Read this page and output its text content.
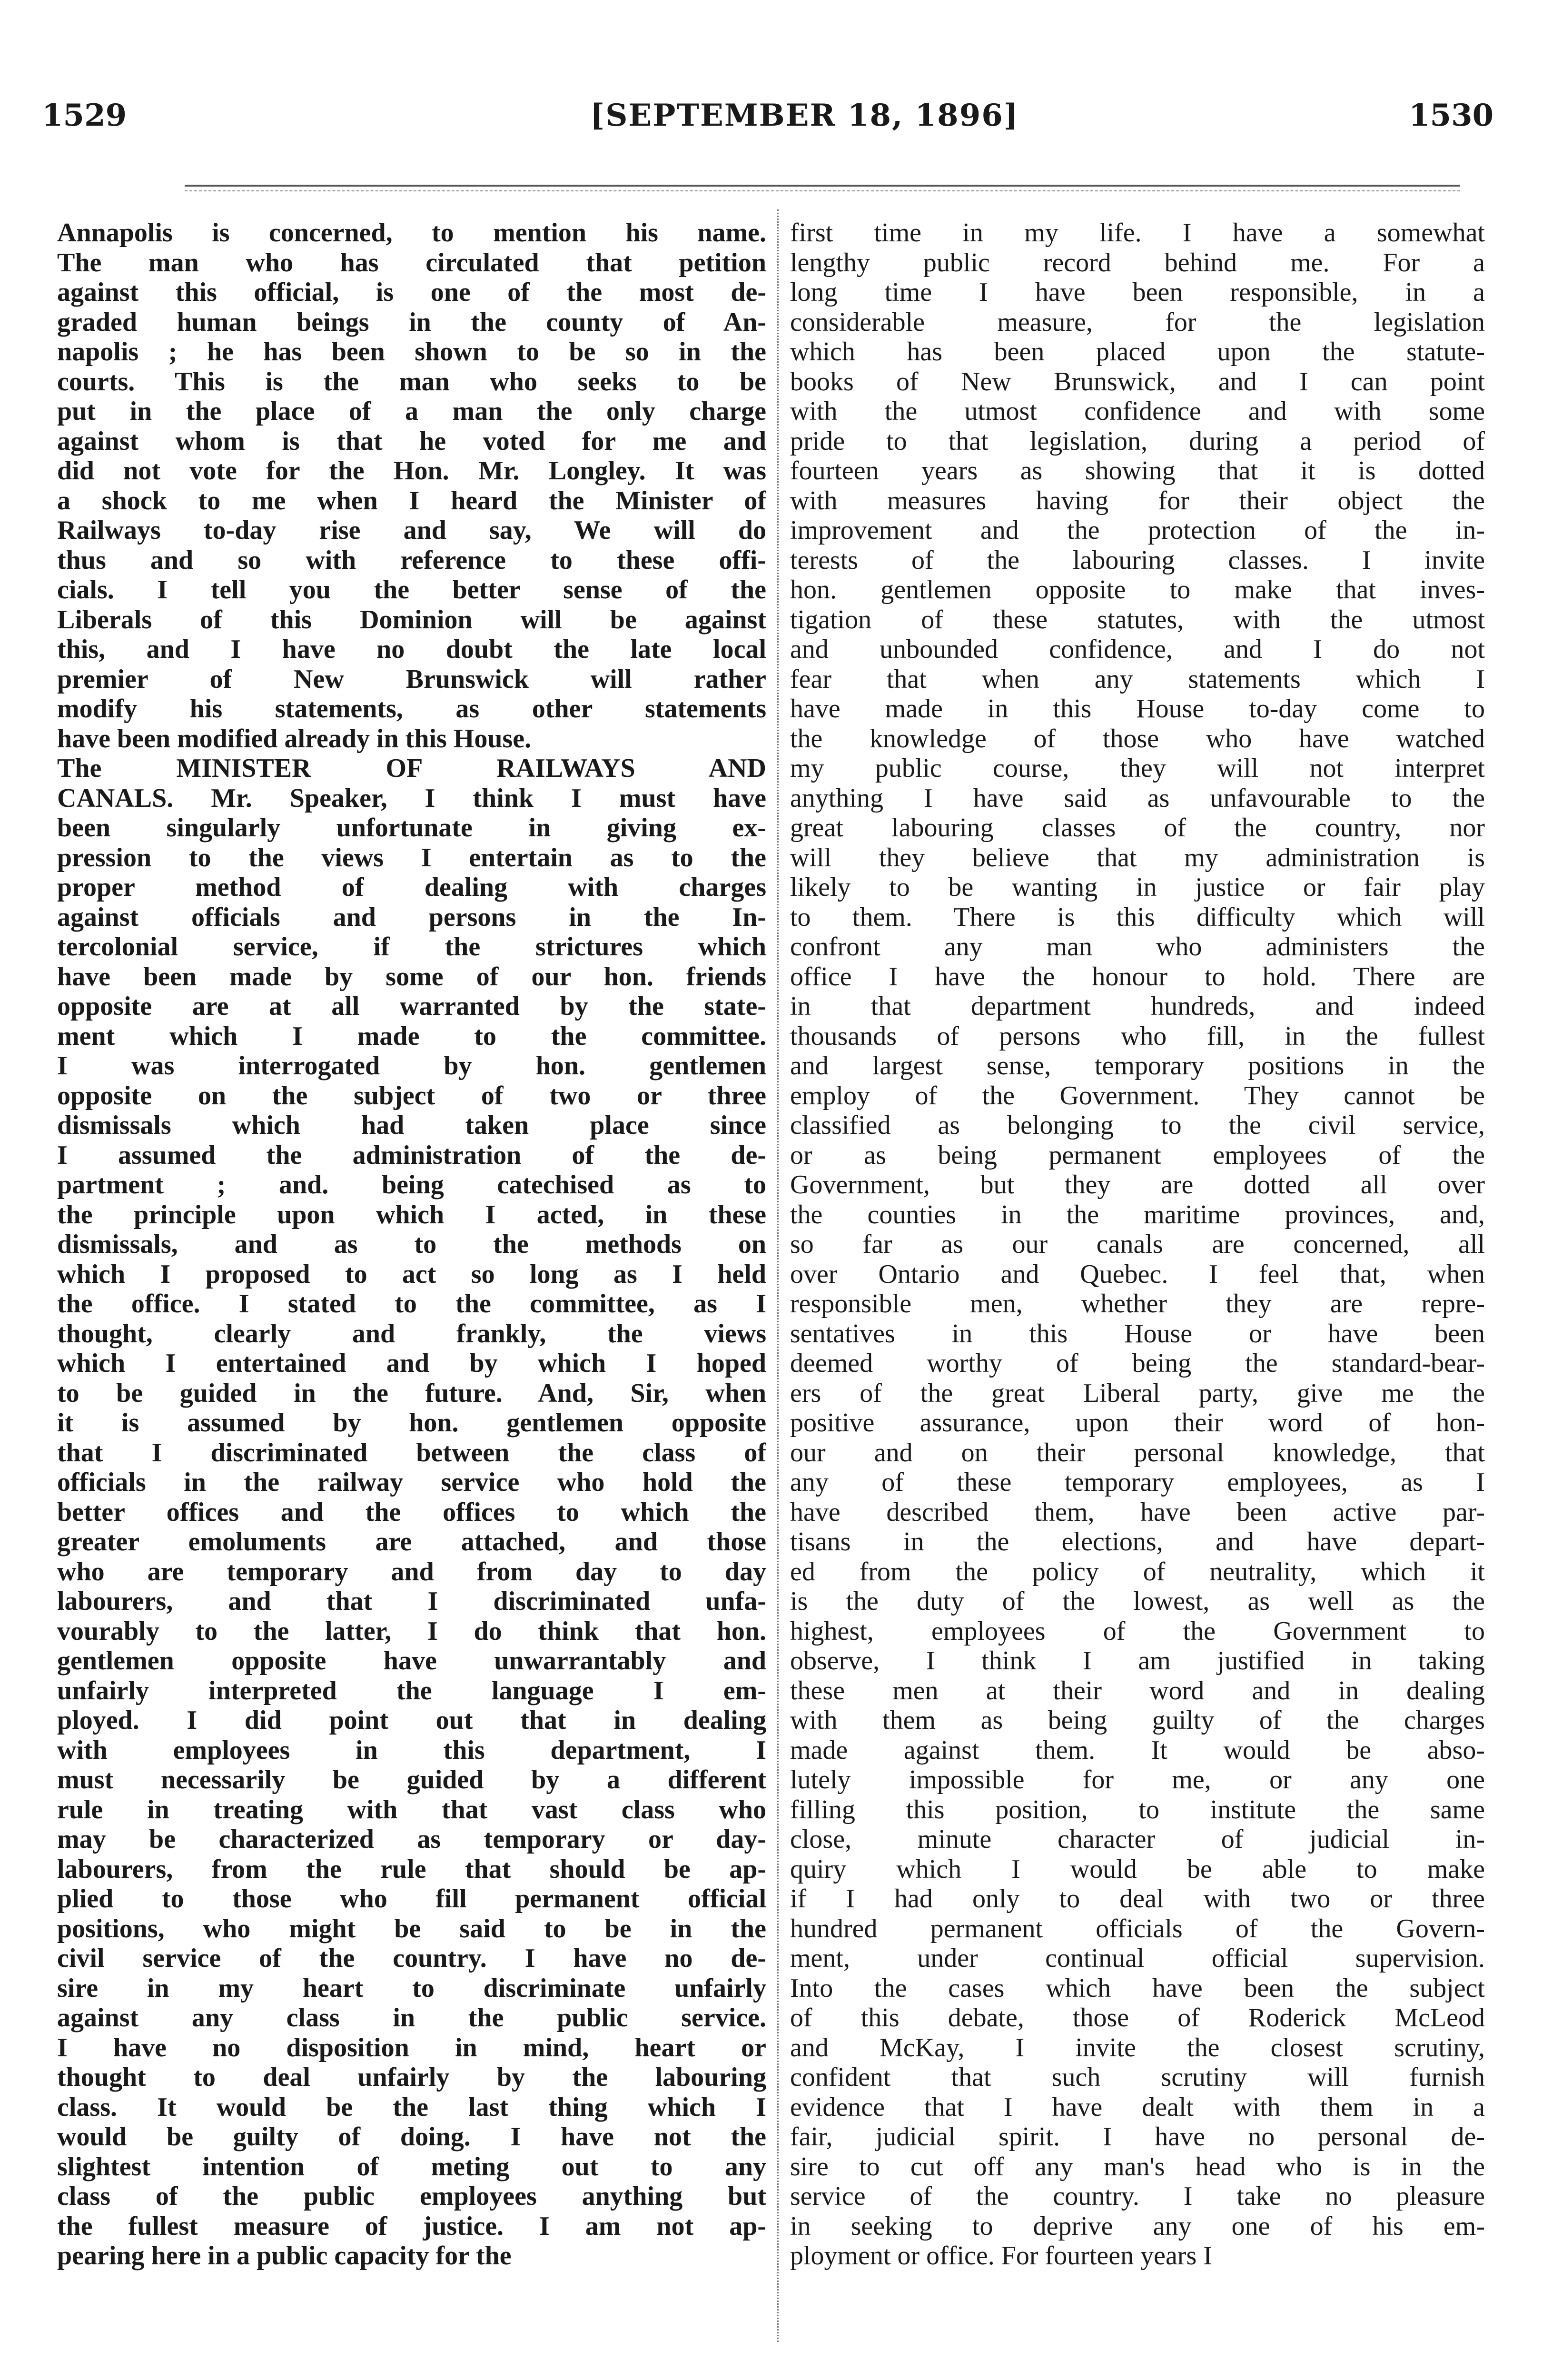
1529	[SEPTEMBER 18, 1896]	1530
Annapolis is concerned, to mention his name.
The man who has circulated that petition
against this official, is one of the most de-
graded human beings in the county of An-
napolis ; he has been shown to be so in the
courts. This is the man who seeks to be
put in the place of a man the only charge
against whom is that he voted for me and
did not vote for the Hon. Mr. Longley. It was
a shock to me when I heard the Minister of
Railways to-day rise and say, We will do
thus and so with reference to these offi-
cials. I tell you the better sense of the
Liberals of this Dominion will be against
this, and I have no doubt the late local
premier of New Brunswick will rather
modify his statements, as other statements
have been modified already in this House.
The MINISTER OF RAILWAYS AND
CANALS. Mr. Speaker, I think I must have
been singularly unfortunate in giving ex-
pression to the views I entertain as to the
proper method of dealing with charges
against officials and persons in the In-
tercolonial service, if the strictures which
have been made by some of our hon. friends
opposite are at all warranted by the state-
ment which I made to the committee.
I was interrogated by hon. gentlemen
opposite on the subject of two or three
dismissals which had taken place since
I assumed the administration of the de-
partment ; and. being catechised as to
the principle upon which I acted, in these
dismissals, and as to the methods on
which I proposed to act so long as I held
the office. I stated to the committee, as I
thought, clearly and frankly, the views
which I entertained and by which I hoped
to be guided in the future. And, Sir, when
it is assumed by hon. gentlemen opposite
that I discriminated between the class of
officials in the railway service who hold the
better offices and the offices to which the
greater emoluments are attached, and those
who are temporary and from day to day
labourers, and that I discriminated unfa-
vourably to the latter, I do think that hon.
gentlemen opposite have unwarrantably and
unfairly interpreted the language I em-
ployed. I did point out that in dealing
with employees in this department, I
must necessarily be guided by a different
rule in treating with that vast class who
may be characterized as temporary or day-
labourers, from the rule that should be ap-
plied to those who fill permanent official
positions, who might be said to be in the
civil service of the country. I have no de-
sire in my heart to discriminate unfairly
against any class in the public service.
I have no disposition in mind, heart or
thought to deal unfairly by the labouring
class. It would be the last thing which I
would be guilty of doing. I have not the
slightest intention of meting out to any
class of the public employees anything but
the fullest measure of justice. I am not ap-
pearing here in a public capacity for the
first time in my life. I have a somewhat
lengthy public record behind me. For a
long time I have been responsible, in a
considerable measure, for the legislation
which has been placed upon the statute-
books of New Brunswick, and I can point
with the utmost confidence and with some
pride to that legislation, during a period of
fourteen years as showing that it is dotted
with measures having for their object the
improvement and the protection of the in-
terests of the labouring classes. I invite
hon. gentlemen opposite to make that inves-
tigation of these statutes, with the utmost
and unbounded confidence, and I do not
fear that when any statements which I
have made in this House to-day come to
the knowledge of those who have watched
my public course, they will not interpret
anything I have said as unfavourable to the
great labouring classes of the country, nor
will they believe that my administration is
likely to be wanting in justice or fair play
to them. There is this difficulty which will
confront any man who administers the
office I have the honour to hold. There are
in that department hundreds, and indeed
thousands of persons who fill, in the fullest
and largest sense, temporary positions in the
employ of the Government. They cannot be
classified as belonging to the civil service,
or as being permanent employees of the
Government, but they are dotted all over
the counties in the maritime provinces, and,
so far as our canals are concerned, all
over Ontario and Quebec. I feel that, when
responsible men, whether they are repre-
sentatives in this House or have been
deemed worthy of being the standard-bear-
ers of the great Liberal party, give me the
positive assurance, upon their word of hon-
our and on their personal knowledge, that
any of these temporary employees, as I
have described them, have been active par-
tisans in the elections, and have depart-
ed from the policy of neutrality, which it
is the duty of the lowest, as well as the
highest, employees of the Government to
observe, I think I am justified in taking
these men at their word and in dealing
with them as being guilty of the charges
made against them. It would be abso-
lutely impossible for me, or any one
filling this position, to institute the same
close, minute character of judicial in-
quiry which I would be able to make
if I had only to deal with two or three
hundred permanent officials of the Govern-
ment, under continual official supervision.
Into the cases which have been the subject
of this debate, those of Roderick McLeod
and McKay, I invite the closest scrutiny,
confident that such scrutiny will furnish
evidence that I have dealt with them in a
fair, judicial spirit. I have no personal de-
sire to cut off any man's head who is in the
service of the country. I take no pleasure
in seeking to deprive any one of his em-
ployment or office. For fourteen years I
